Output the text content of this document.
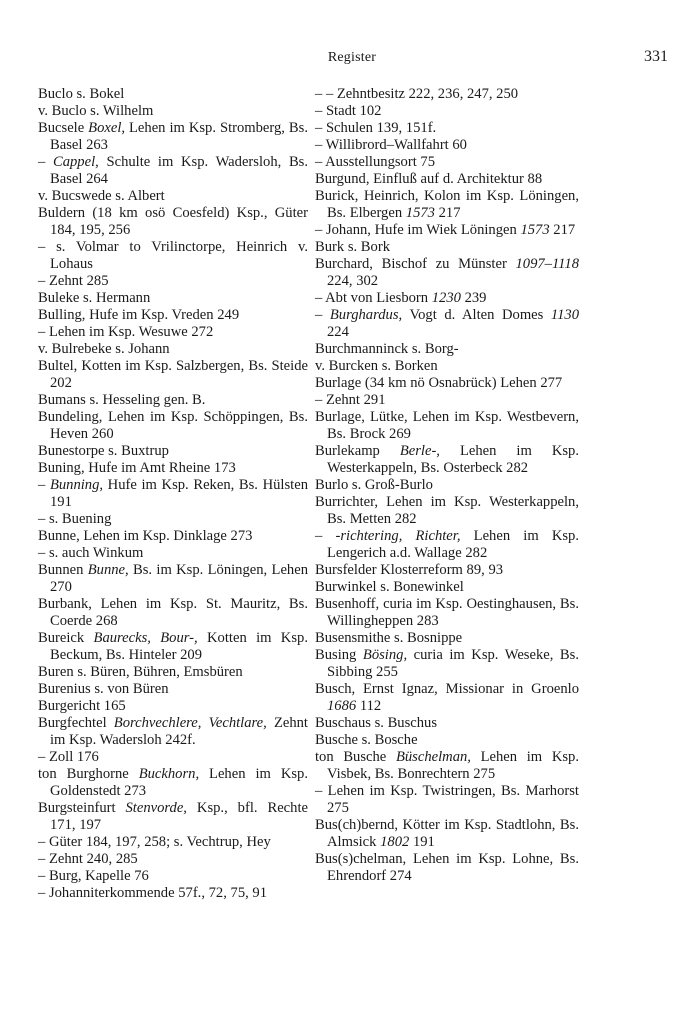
Register	331

Buclo s. Bokel

v. Buclo s. Wilhelm

Bucsele Boxel, Lehen im Ksp. Stromberg, Bs. Basel 263

– Cappel, Schulte im Ksp. Wadersloh, Bs. Basel 264

v. Bucswede s. Albert

Buldern (18 km osö Coesfeld) Ksp., Güter 184, 195, 256

– s. Volmar to Vrilinctorpe, Heinrich v. Lohaus

– Zehnt 285

Buleke s. Hermann

Bulling, Hufe im Ksp. Vreden 249

– Lehen im Ksp. Wesuwe 272

v. Bulrebeke s. Johann

Bultel, Kotten im Ksp. Salzbergen, Bs. Steide 202

Bumans s. Hesseling gen. B.

Bundeling, Lehen im Ksp. Schöppingen, Bs. Heven 260

Bunestorpe s. Buxtrup

Buning, Hufe im Amt Rheine 173

– Bunning, Hufe im Ksp. Reken, Bs. Hülsten 191

– s. Buening

Bunne, Lehen im Ksp. Dinklage 273

– s. auch Winkum

Bunnen Bunne, Bs. im Ksp. Löningen, Lehen 270

Burbank, Lehen im Ksp. St. Mauritz, Bs. Coerde 268

Bureick Baurecks, Bour-, Kotten im Ksp. Beckum, Bs. Hinteler 209

Buren s. Büren, Bühren, Emsbüren

Burenius s. von Büren

Burgericht 165

Burgfechtel Borchvechlere, Vechtlare, Zehnt im Ksp. Wadersloh 242f.

– Zoll 176

ton Burghorne Buckhorn, Lehen im Ksp. Goldenstedt 273

Burgsteinfurt Stenvorde, Ksp., bfl. Rechte 171, 197

– Güter 184, 197, 258; s. Vechtrup, Hey

– Zehnt 240, 285

– Burg, Kapelle 76

– Johanniterkommende 57f., 72, 75, 91

– – Zehntbesitz 222, 236, 247, 250

– Stadt 102

– Schulen 139, 151f.

– Willibrord–Wallfahrt 60

– Ausstellungsort 75

Burgund, Einfluß auf d. Architektur 88

Burick, Heinrich, Kolon im Ksp. Löningen, Bs. Elbergen 1573 217

– Johann, Hufe im Wiek Löningen 1573 217

Burk s. Bork

Burchard, Bischof zu Münster 1097–1118 224, 302

– Abt von Liesborn 1230 239

– Burghardus, Vogt d. Alten Domes 1130 224

Burchmanninck s. Borg-

v. Burcken s. Borken

Burlage (34 km nö Osnabrück) Lehen 277

– Zehnt 291

Burlage, Lütke, Lehen im Ksp. Westbevern, Bs. Brock 269

Burlekamp Berle-, Lehen im Ksp. Westerkappeln, Bs. Osterbeck 282

Burlo s. Groß-Burlo

Burrichter, Lehen im Ksp. Westerkappeln, Bs. Metten 282

– -richtering, Richter, Lehen im Ksp. Lengerich a.d. Wallage 282

Bursfelder Klosterreform 89, 93

Burwinkel s. Bonewinkel

Busenhoff, curia im Ksp. Oestinghausen, Bs. Willingheppen 283

Busensmithe s. Bosnippe

Busing Bösing, curia im Ksp. Weseke, Bs. Sibbing 255

Busch, Ernst Ignaz, Missionar in Groenlo 1686 112

Buschaus s. Buschus

Busche s. Bosche

ton Busche Büschelman, Lehen im Ksp. Visbek, Bs. Bonrechtern 275

– Lehen im Ksp. Twistringen, Bs. Marhorst 275

Bus(ch)bernd, Kötter im Ksp. Stadtlohn, Bs. Almsick 1802 191

Bus(s)chelman, Lehen im Ksp. Lohne, Bs. Ehrendorf 274
